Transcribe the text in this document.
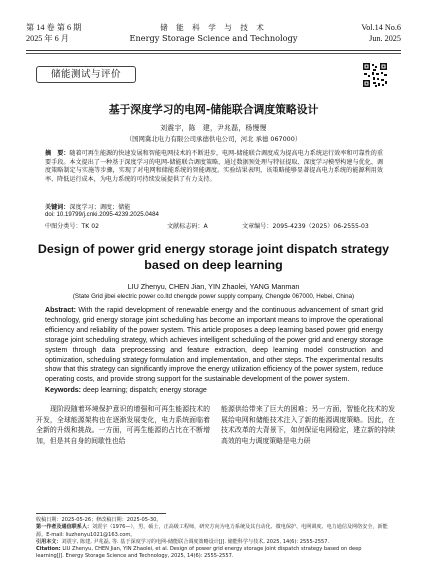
第 14 卷 第 6 期
2025 年 6 月
储 能 科 学 与 技 术
Energy Storage Science and Technology
Vol.14 No.6
Jun. 2025
储能测试与评价
基于深度学习的电网-储能联合调度策略设计
刘震宇，陈　建，尹兆磊，杨慢慢
（国网冀北电力有限公司承德供电公司，河北 承德 067000）
摘　要：随着可再生能源的快速发展和智能电网技术的不断进步，电网-储能联合调度成为提高电力系统运行效率和可靠性的重要手段。本文提出了一种基于深度学习的电网-储能联合调度策略，通过数据预处理与特征提取、深度学习模型构建与优化、调度策略制定与实施等步骤，实现了对电网和储能系统的智能调度。实验结果表明，该策略能够显著提高电力系统的能源利用效率、降低运行成本，为电力系统的可持续发展提供了有力支持。
关键词：深度学习；调度；储能
doi: 10.19799/j.cnki.2095-4239.2025.0484
中图分类号：TK 02	文献标志码：A	文章编号：2095-4239（2025）06-2555-03
Design of power grid energy storage joint dispatch strategy based on deep learning
LIU Zhenyu, CHEN Jian, YIN Zhaolei, YANG Manman
(State Grid jibei electric power co.ltd chengde power supply company, Chengde 067000, Hebei, China)
Abstract: With the rapid development of renewable energy and the continuous advancement of smart grid technology, grid energy storage joint scheduling has become an important means to improve the operational efficiency and reliability of the power system. This article proposes a deep learning based power grid energy storage joint scheduling strategy, which achieves intelligent scheduling of the power grid and energy storage system through data preprocessing and feature extraction, deep learning model construction and optimization, scheduling strategy formulation and implementation, and other steps. The experimental results show that this strategy can significantly improve the energy utilization efficiency of the power system, reduce operating costs, and provide strong support for the sustainable development of the power system.
Keywords: deep learning; dispatch; energy storage
现阶段随着环境保护意识的增强和可再生能源技术的开发，全球能源架构也在逐渐发展变化，电力系统面临着全新的升级和挑战。一方面，可再生能源的占比在不断增加，但是其自身的间歇性也给
能源供给带来了巨大的困难；另一方面，智能化技术的发展给电网和储能技术注入了新的能源调度策略。因此，在技术改革的大背景下，如何保证电网稳定，建立新的持续高效的电力调度策略是电力研
收稿日期：2025-05-26；修改稿日期：2025-05-30。
第一作者及通信联系人：刘震宇（1976—），男，硕士，正高级工程师，研究方向为电力系统及其自动化、微电保护、电网调度、电力通信及网络安全，新能源。E-mail: liuzhenyu1021@163.com。
引用本文：刘震宇, 陈建, 尹兆磊, 等. 基于深度学习的电网-储能联合调度策略设计[J]. 储能科学与技术, 2025, 14(6): 2555-2557.
Citation: LIU Zhenyu, CHEN Jian, YIN Zhaolei, et al. Design of power grid energy storage joint dispatch strategy based on deep learning[J]. Energy Storage Science and Technology, 2025, 14(6): 2555-2557.
